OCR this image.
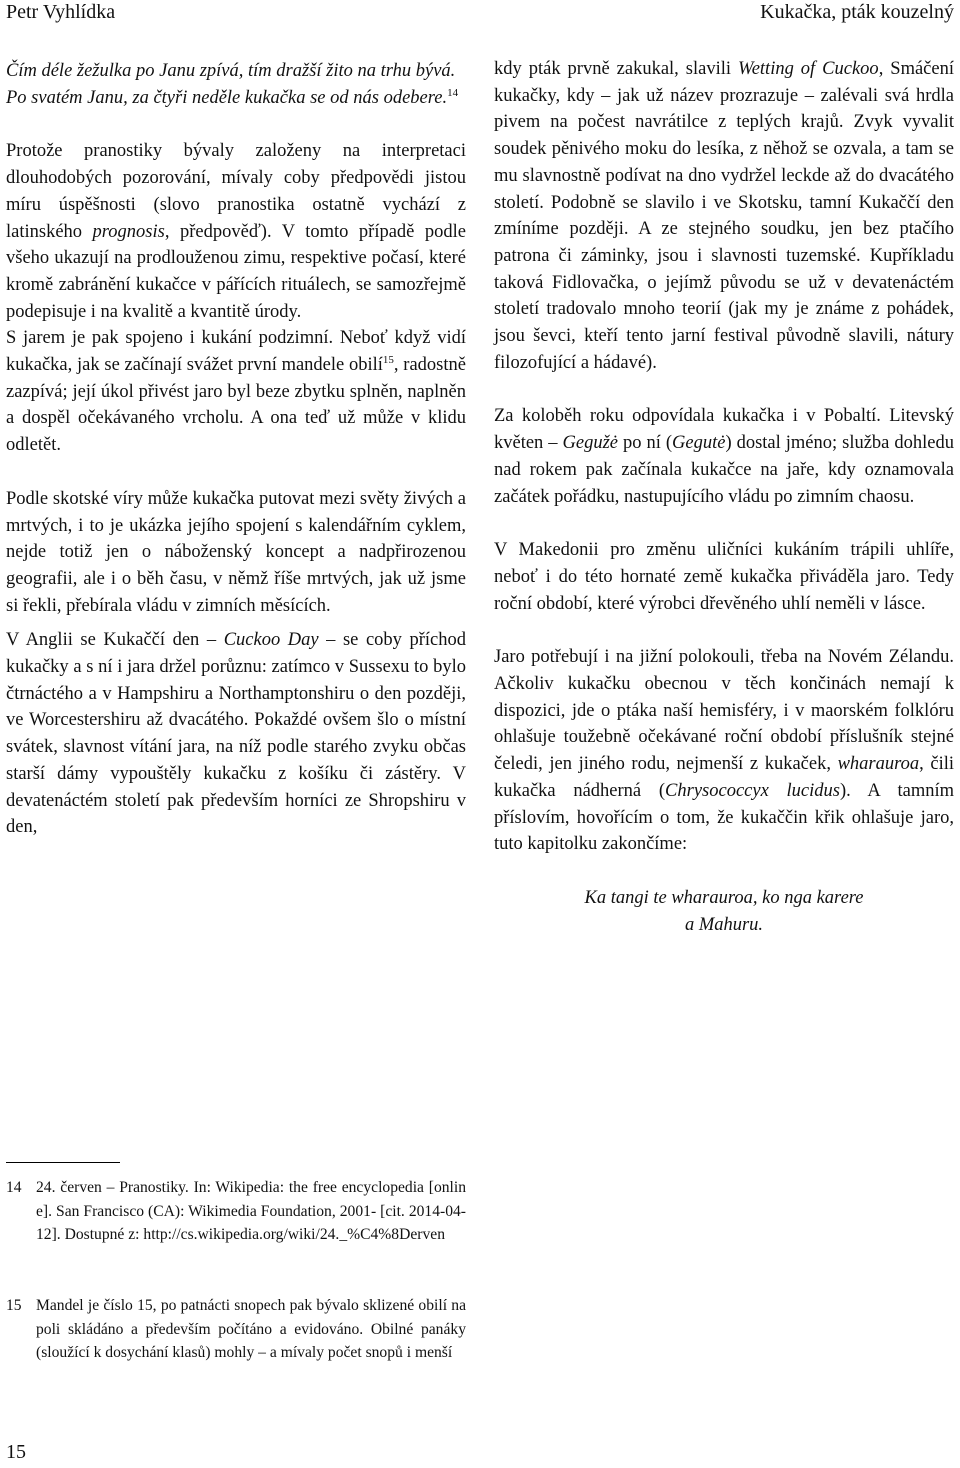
Petr Vyhlídka	Kukačka, pták kouzelný

Čím déle žežulka po Janu zpívá, tím dražší žito na trhu bývá.
Po svatém Janu, za čtyři neděle kukačka se od nás odebere.$^{14}$

Protože pranostiky bývaly založeny na interpretaci dlouhodobých pozorování, mívaly coby předpovědi jistou míru úspěšnosti (slovo pranostika ostatně vychází z latinského prognosis, předpověď). V tomto případě podle všeho ukazují na prodlouženou zimu, respektive počasí, které kromě zabránění kukačce v pářících rituálech, se samozřejmě podepisuje i na kvalitě a kvantitě úrody.

S jarem je pak spojeno i kukání podzimní. Neboť když vidí kukačka, jak se začínají svážet první mandele obilí$^{15}$, radostně zazpívá; její úkol přivést jaro byl beze zbytku splněn, naplněn a dospěl očekávaného vrcholu. A ona teď už může v klidu odletět.

Podle skotské víry může kukačka putovat mezi světy živých a mrtvých, i to je ukázka jejího spojení s kalendářním cyklem, nejde totiž jen o náboženský koncept a nadpřirozenou geografii, ale i o běh času, v němž říše mrtvých, jak už jsme si řekli, přebírala vládu v zimních měsících.

V Anglii se Kukaččí den – Cuckoo Day – se coby příchod kukačky a s ní i jara držel porůznu: zatímco v Sussexu to bylo čtrnáctého a v Hampshiru a Northamptonshiru o den později, ve Worcestershiru až dvacátého. Pokaždé ovšem šlo o místní svátek, slavnost vítání jara, na níž podle starého zvyku občas starší dámy vypouštěly kukačku z košíku či zástěry. V devatenáctém století pak především horníci ze Shropshiru v den,

14 24. červen – Pranostiky. In: Wikipedia: the free encyclopedia [online]. San Francisco (CA): Wikimedia Foundation, 2001- [cit. 2014-04-12]. Dostupné z: http://cs.wikipedia.org/wiki/24._%C4%8Derven
15 Mandel je číslo 15, po patnácti snopech pak bývalo sklizené obilí na poli skládáno a především počítáno a evidováno. Obilné panáky (sloužící k dosychání klasů) mohly – a mívaly počet snopů i menší

kdy pták prvně zakukal, slavili Wetting of Cuckoo, Smáčení kukačky, kdy – jak už název prozrazuje – zalévali svá hrdla pivem na počest navrátilce z teplých krajů. Zvyk vyvalit soudek pěnivého moku do lesíka, z něhož se ozvala, a tam se mu slavnostně podívat na dno vydržel leckde až do dvacátého století. Podobně se slavilo i ve Skotsku, tamní Kukaččí den zmíníme později. A ze stejného soudku, jen bez ptačího patrona či záminky, jsou i slavnosti tuzemské. Kupříkladu taková Fidlovačka, o jejímž původu se už v devatenáctém století tradovalo mnoho teorií (jak my je známe z pohádek, jsou ševci, kteří tento jarní festival původně slavili, nátury filozofující a hádavé).

Za koloběh roku odpovídala kukačka i v Pobaltí. Litevský květen – Gegužė po ní (Gegutė) dostal jméno; služba dohledu nad rokem pak začínala kukačce na jaře, kdy oznamovala začátek pořádku, nastupujícího vládu po zimním chaosu.

V Makedonii pro změnu uličníci kukáním trápili uhlíře, neboť i do této hornaté země kukačka přiváděla jaro. Tedy roční období, které výrobci dřevěného uhlí neměli v lásce.

Jaro potřebují i na jižní polokouli, třeba na Novém Zélandu. Ačkoliv kukačku obecnou v těch končinách nemají k dispozici, jde o ptáka naší hemisféry, i v maorském folklóru ohlašuje toužebně očekávané roční období příslušník stejné čeledi, jen jiného rodu, nejmenší z kukaček, wharauroa, čili kukačka nádherná (Chrysococcyx lucidus). A tamním příslovím, hovořícím o tom, že kukaččin křik ohlašuje jaro, tuto kapitolku zakončíme:

Ka tangi te wharauroa, ko nga karere
a Mahuru.

15
